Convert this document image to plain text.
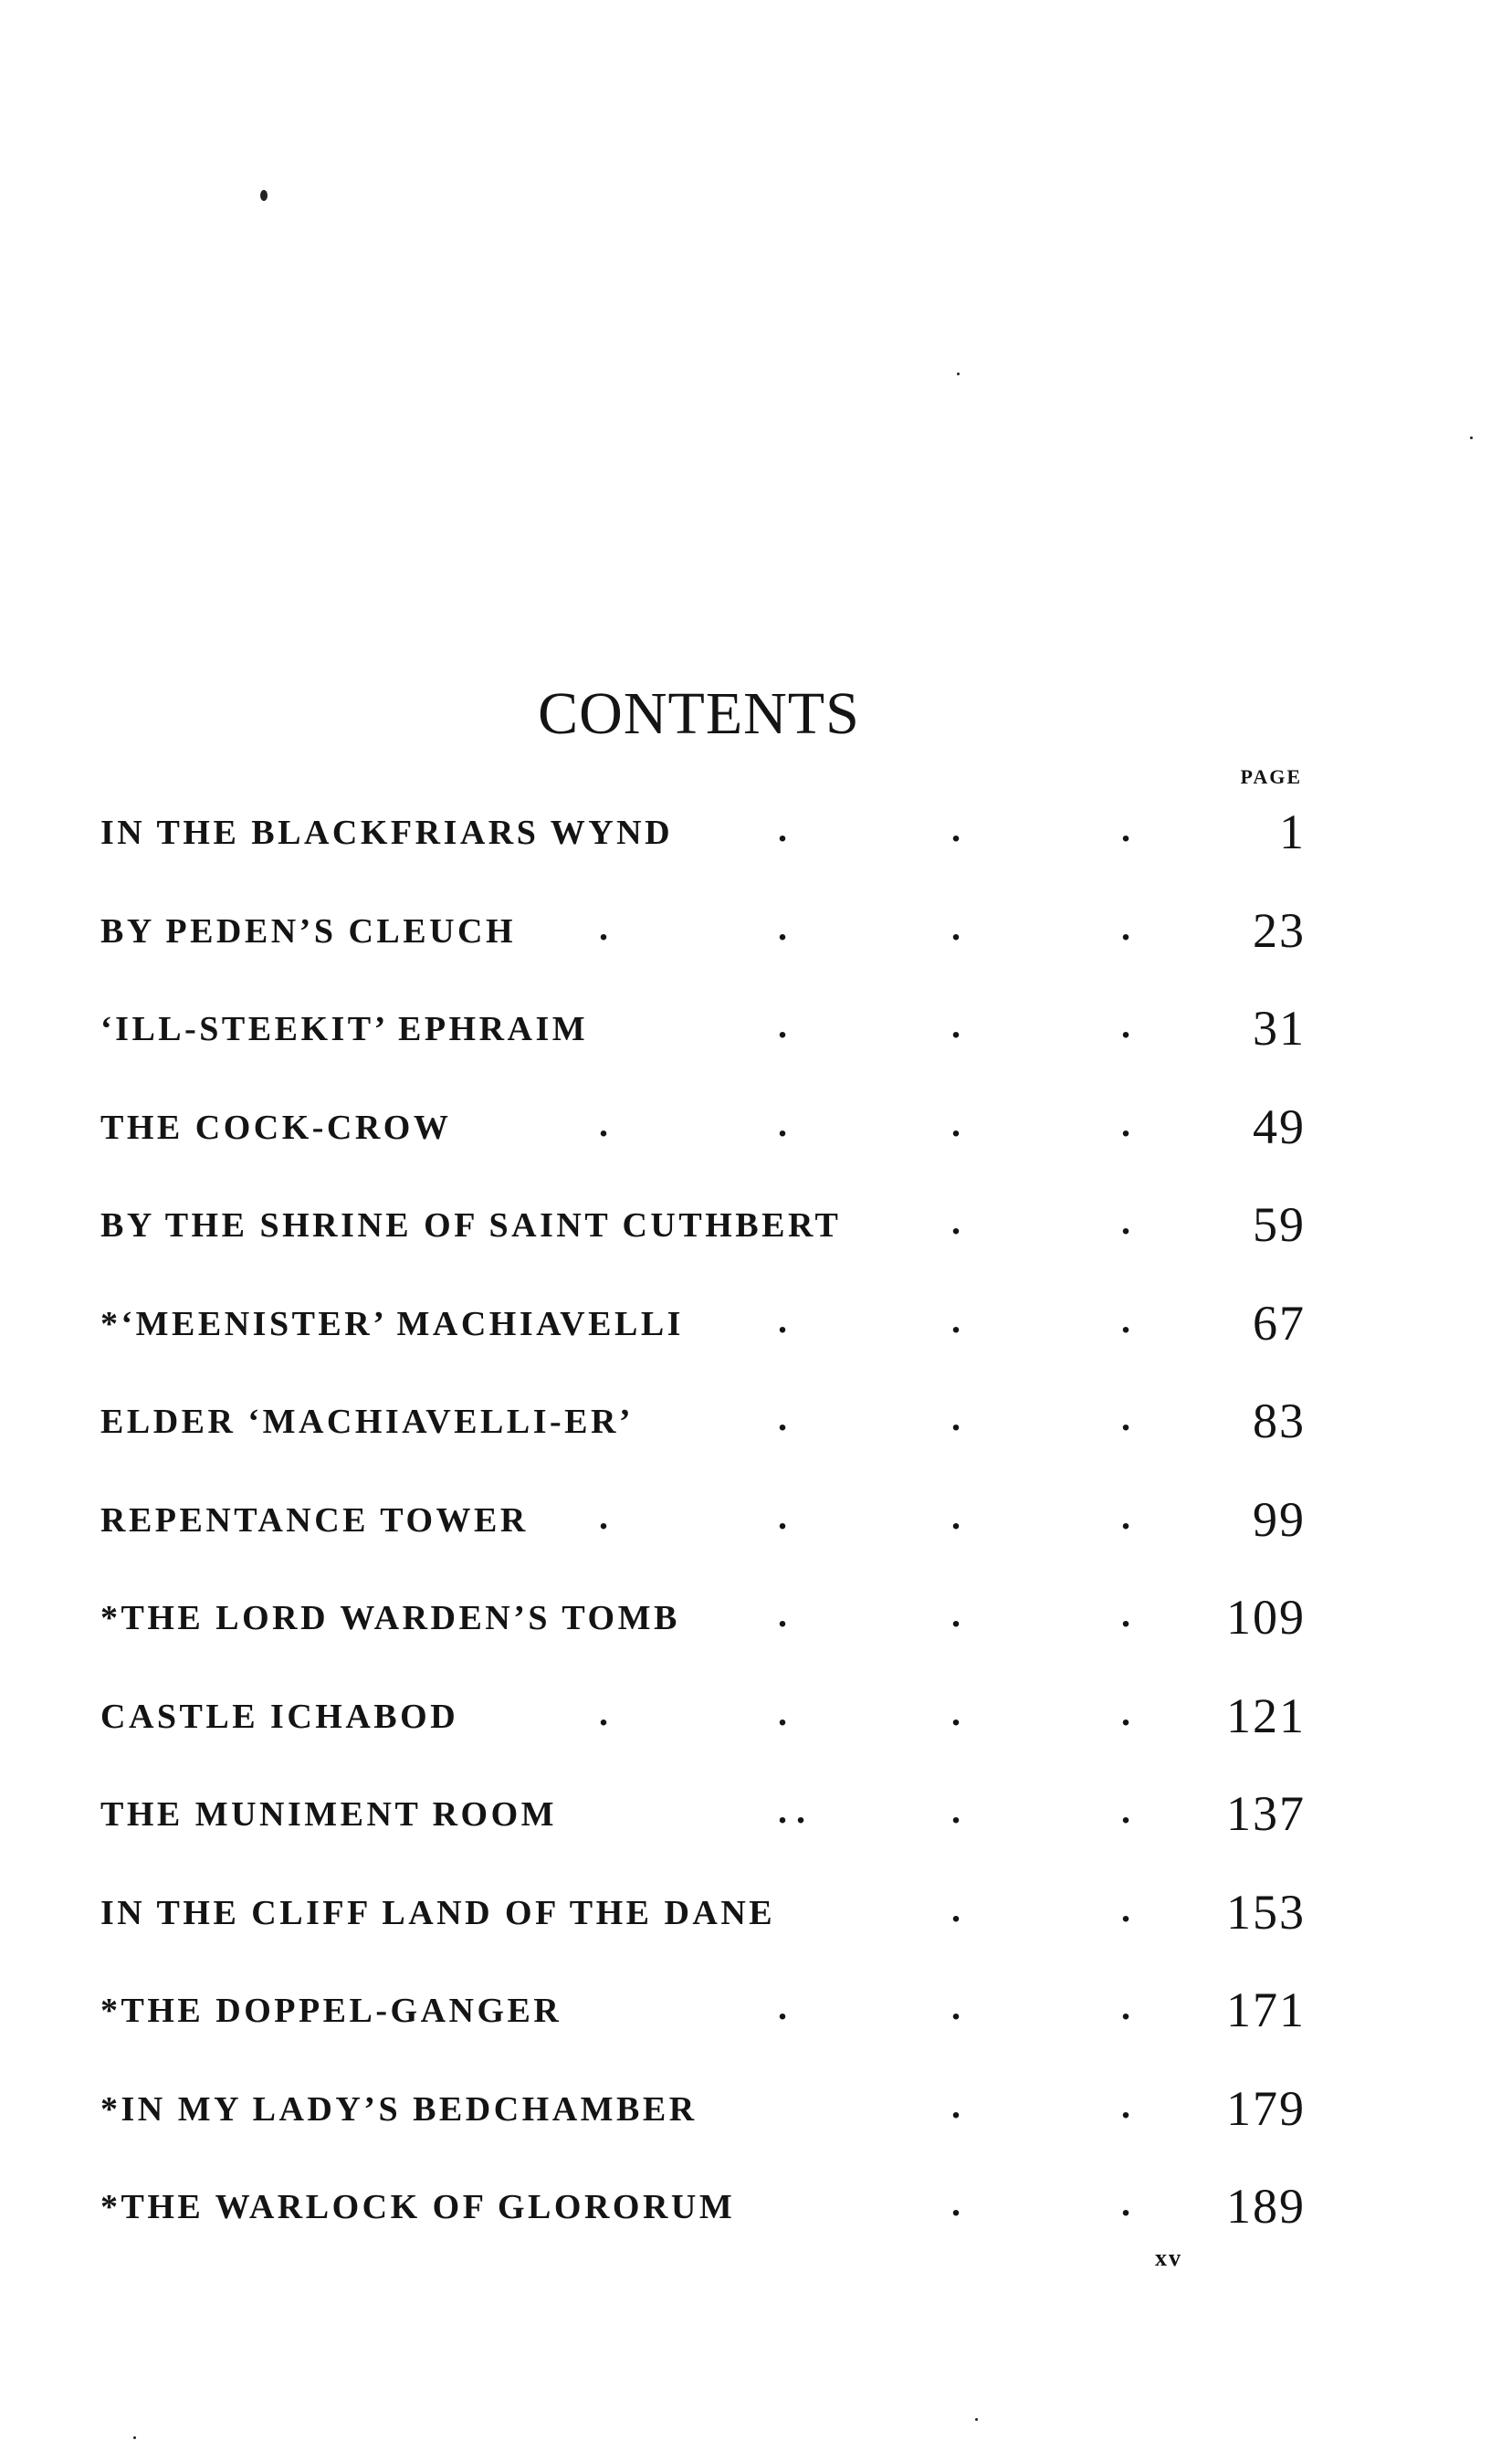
CONTENTS
PAGE
IN THE BLACKFRIARS WYND	.	.	.	1
BY PEDEN’S CLEUCH .	.	.	.	23
‘ILL-STEEKIT’ EPHRAIM	.	.	.	31
THE COCK-CROW	.	.	.	.	49
BY THE SHRINE OF SAINT CUTHBERT	.	.	59
*‘MEENISTER’ MACHIAVELLI	.	.	.	67
ELDER ‘MACHIAVELLI-ER’	.	.	.	83
REPENTANCE TOWER .	.	.	.	99
*THE LORD WARDEN’S TOMB	.	.	.	109
CASTLE ICHABOD	.	.	.	.	121
THE MUNIMENT ROOM	. .	.	.	137
IN THE CLIFF LAND OF THE DANE	.	.	153
*THE DOPPEL-GANGER	.	.	.	171
*IN MY LADY’S BEDCHAMBER	.	.	179
*THE WARLOCK OF GLORORUM	.	.	189
xv
